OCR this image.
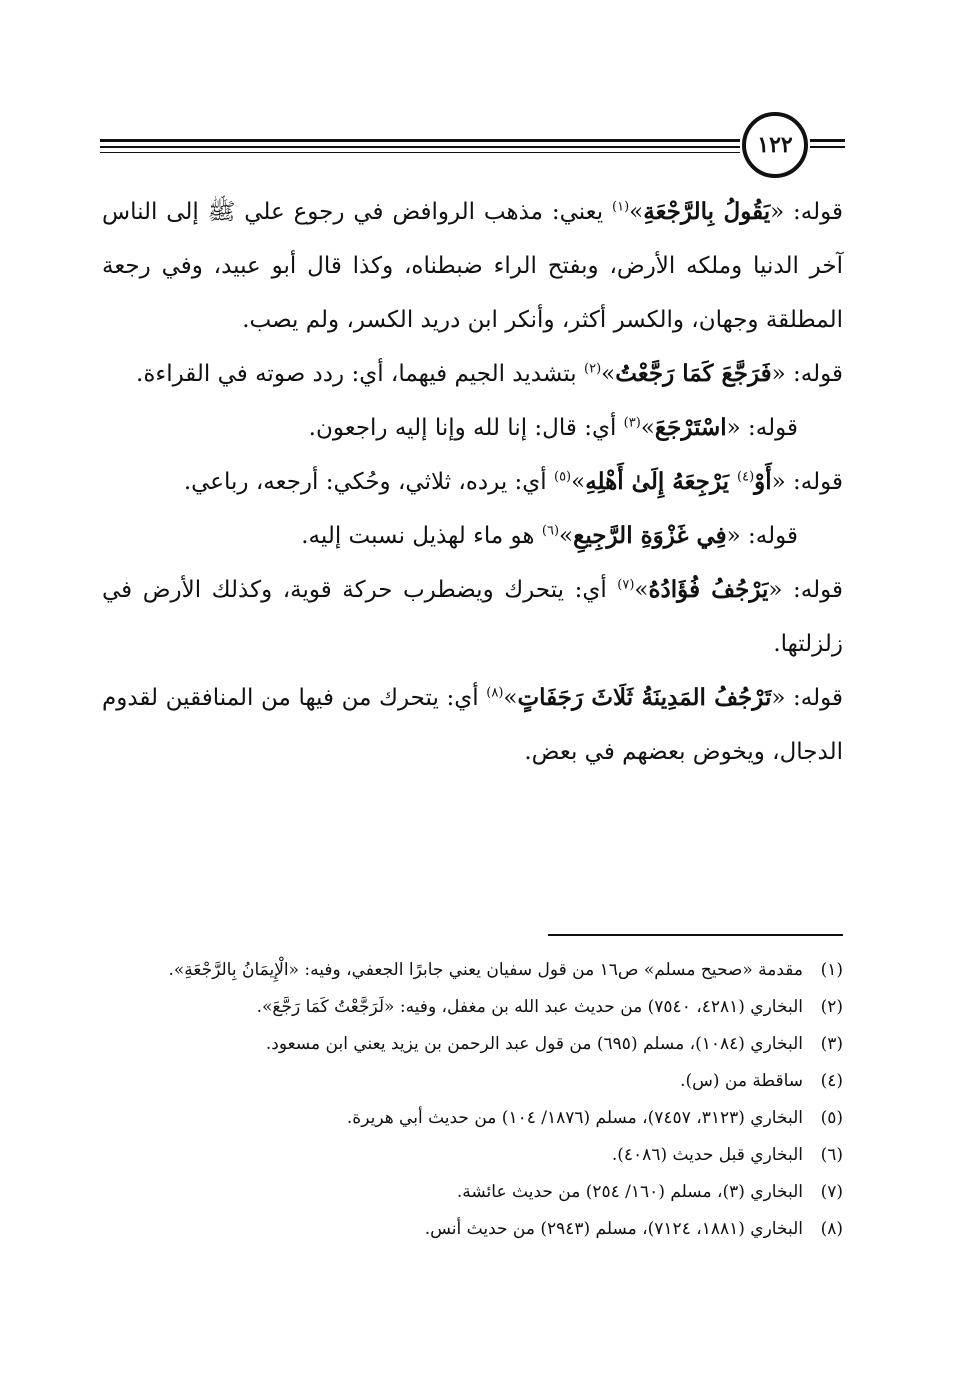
١٢٢

قوله: «يَقُولُ بِالرَّجْعَةِ»$^{(١)}$ يعني: مذهب الروافض في رجوع علي ﷺ إلى الناس آخر الدنيا وملكه الأرض، وبفتح الراء ضبطناه، وكذا قال أبو عبيد، وفي رجعة المطلقة وجهان، والكسر أكثر، وأنكر ابن دريد الكسر، ولم يصب.

قوله: «فَرَجَّعَ كَمَا رَجَّعْتُ»$^{(٢)}$ بتشديد الجيم فيهما، أي: ردد صوته في القراءة.

قوله: «اسْتَرْجَعَ»$^{(٣)}$ أي: قال: إنا لله وإنا إليه راجعون.

قوله: «أَوْ$^{(٤)}$ يَرْجِعَهُ إِلَىٰ أَهْلِهِ»$^{(٥)}$ أي: يرده، ثلاثي، وحُكي: أرجعه، رباعي.

قوله: «فِي غَزْوَةِ الرَّجِيعِ»$^{(٦)}$ هو ماء لهذيل نسبت إليه.

قوله: «يَرْجُفُ فُؤَادُهُ»$^{(٧)}$ أي: يتحرك ويضطرب حركة قوية، وكذلك الأرض في زلزلتها.

قوله: «تَرْجُفُ المَدِينَةُ ثَلَاثَ رَجَفَاتٍ»$^{(٨)}$ أي: يتحرك من فيها من المنافقين لقدوم الدجال، ويخوض بعضهم في بعض.

(١)
مقدمة «صحيح مسلم» ص١٦ من قول سفيان يعني جابرًا الجعفي، وفيه: «الْإِيمَانُ بِالرَّجْعَةِ».
(٢)
البخاري (٤٢٨١، ٧٥٤٠) من حديث عبد الله بن مغفل، وفيه: «لَرَجَّعْتُ كَمَا رَجَّعَ».
(٣)
البخاري (١٠٨٤)، مسلم (٦٩٥) من قول عبد الرحمن بن يزيد يعني ابن مسعود.
(٤)
ساقطة من (س).
(٥)
البخاري (٣١٢٣، ٧٤٥٧)، مسلم (١٨٧٦/ ١٠٤) من حديث أبي هريرة.
(٦)
البخاري قبل حديث (٤٠٨٦).
(٧)
البخاري (٣)، مسلم (١٦٠/ ٢٥٤) من حديث عائشة.
(٨)
البخاري (١٨٨١، ٧١٢٤)، مسلم (٢٩٤٣) من حديث أنس.
